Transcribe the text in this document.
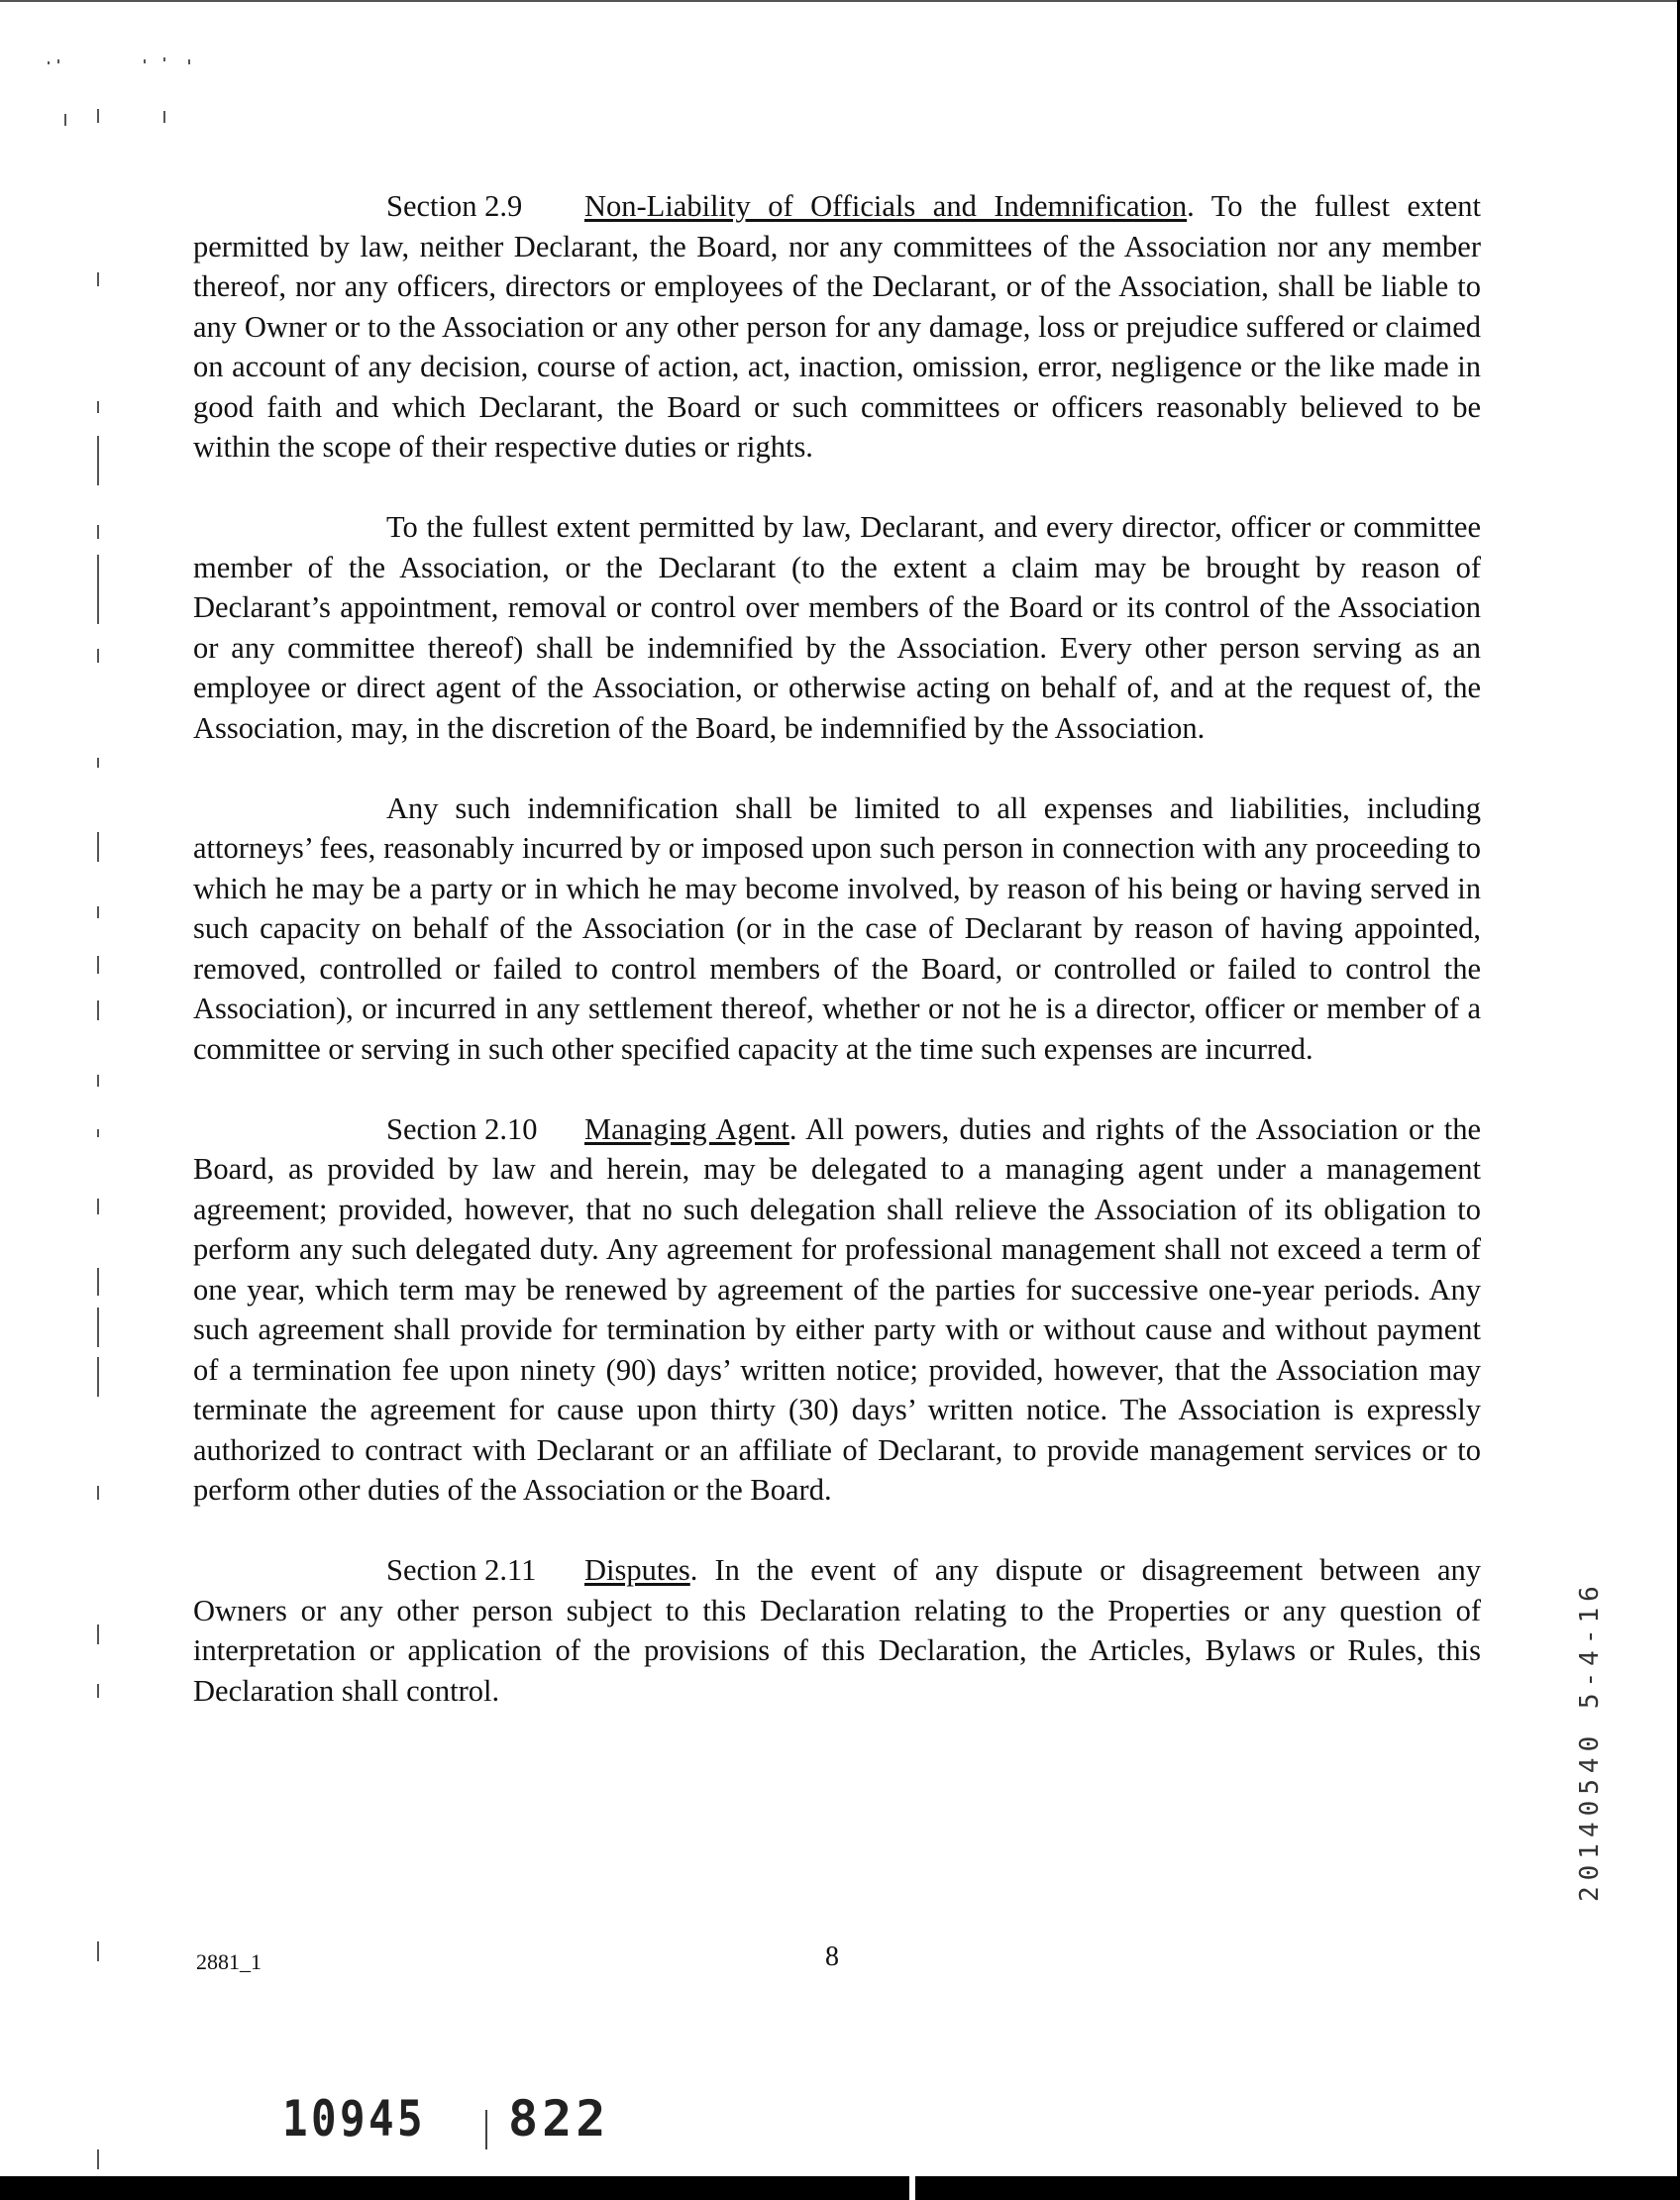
Section 2.9 Non-Liability of Officials and Indemnification. To the fullest extent permitted by law, neither Declarant, the Board, nor any committees of the Association nor any member thereof, nor any officers, directors or employees of the Declarant, or of the Association, shall be liable to any Owner or to the Association or any other person for any damage, loss or prejudice suffered or claimed on account of any decision, course of action, act, inaction, omission, error, negligence or the like made in good faith and which Declarant, the Board or such committees or officers reasonably believed to be within the scope of their respective duties or rights.

To the fullest extent permitted by law, Declarant, and every director, officer or committee member of the Association, or the Declarant (to the extent a claim may be brought by reason of Declarant’s appointment, removal or control over members of the Board or its control of the Association or any committee thereof) shall be indemnified by the Association. Every other person serving as an employee or direct agent of the Association, or otherwise acting on behalf of, and at the request of, the Association, may, in the discretion of the Board, be indemnified by the Association.

Any such indemnification shall be limited to all expenses and liabilities, including attorneys’ fees, reasonably incurred by or imposed upon such person in connection with any proceeding to which he may be a party or in which he may become involved, by reason of his being or having served in such capacity on behalf of the Association (or in the case of Declarant by reason of having appointed, removed, controlled or failed to control members of the Board, or controlled or failed to control the Association), or incurred in any settlement thereof, whether or not he is a director, officer or member of a committee or serving in such other specified capacity at the time such expenses are incurred.

Section 2.10 Managing Agent. All powers, duties and rights of the Association or the Board, as provided by law and herein, may be delegated to a managing agent under a management agreement; provided, however, that no such delegation shall relieve the Association of its obligation to perform any such delegated duty. Any agreement for professional management shall not exceed a term of one year, which term may be renewed by agreement of the parties for successive one-year periods. Any such agreement shall provide for termination by either party with or without cause and without payment of a termination fee upon ninety (90) days’ written notice; provided, however, that the Association may terminate the agreement for cause upon thirty (30) days’ written notice. The Association is expressly authorized to contract with Declarant or an affiliate of Declarant, to provide management services or to perform other duties of the Association or the Board.

Section 2.11 Disputes. In the event of any dispute or disagreement between any Owners or any other person subject to this Declaration relating to the Properties or any question of interpretation or application of the provisions of this Declaration, the Articles, Bylaws or Rules, this Declaration shall control.

2881_1	8
10945 822
20140540 5-4-16
